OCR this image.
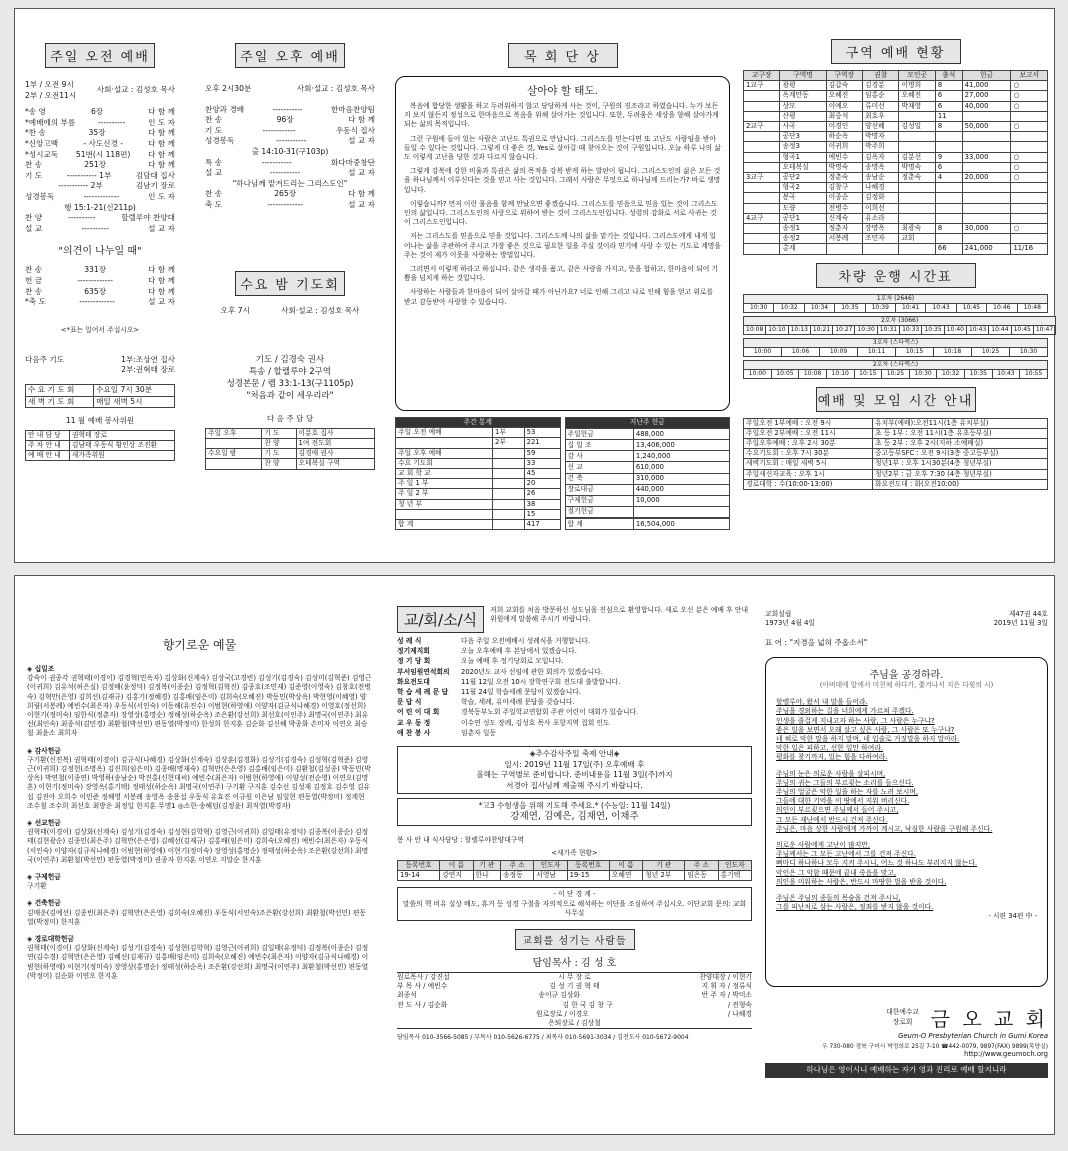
주일 오전 예배
1부 / 오전 9시
2부 / 오전11시
사회·설교 : 김성호 목사
*송 영	6장	다 함 께
*예배에의 부름	----------	인 도 자
*찬 송	35장	다 함 께
*신앙고백	- 사도신경 -	다 함 께
*성시교독 51번(시 118편) 다 함 께
찬 송	251장	다 함 께
기 도	----------- 1부	김담대 집사
----------- 2부	김남기 장로
성경봉독	-------------	인 도 자
행 15:1-21(신211p)
찬 양	----------	할렐루야 찬양대
설 교	----------	설 교 자
"의견이 나누일 때"
찬 송	331장	다 함 께
헌 금	-------------	다 함 께
찬 송	635장	다 함 께
*축 도	-------------	설 교 자
<*표는 일어서 주십시오>
다음주 기도	1부:조상연 집사
2부:권혁태 장로
수 요 기 도 회	수요일 7시 30분
새 벽 기 도 회	매일 새벽 5시
11 월 예배 봉사위원
안 내 담 당	권혁태 장로
주 차 안 내	김남태 우동식 황인상 조진환
예 배 안 내	새가족위원
주일 오후 예배
오후 2시30분	사회·설교 : 김성호 목사
찬양과 경배	-----------	한마음찬양팀
찬 송	96장	다 함 께
기 도	------------	우동식 집사
성경봉독	-----------	설 교 자
출 14:10-31(구103p)
특 송	-----------	화다마중창단
설 교	-----------	설 교 자
"하나님께 맡겨드리는 그리스도인"
찬 송	265장	다 함 께
축 도	-------------	설 교 자
수요 밤 기도회
오후 7시	사회·설교 : 김성호 목사
기도 / 김경숙 권사
특송 / 할렐루야 2구역
성경본문 / 렘 33:1-13(구1105p)
"처음과 같이 세우리라"
다 음 주 담 당
주일 오후	기 도	이분호 집사
	찬 양	1여 전도회
수요일 밤	기 도	김경애 권사
	찬 양	오테복실 구역
목 회 단 상
살아야 할 태도.

복음에 합당한 생활을 하고 두려워하지 않고 당당하게 사는 것이, 구원의 징조라고 하였습니다. 누가 보든지 보지 않든지 정성으로 한마음으로 복음을 위해 살아가는 것입니다. 또한, 두려움은 세상을 향해 살아가게 되는 삶의 목적입니다.

그런 구원에 들어 있는 사람은 고난도 특권으로 만납니다. 그리스도를 믿는다면 또 고난도 사람임을 받아들일 수 있다는 것입니다. 그렇게 더 좋은 것, Yes로 살아갈 때 찾아오는 것이 구원입니다. 오늘 하루 나의 삶도 이렇게 고난을 당한 것과 다르지 않습니다.

그렇게 강복에 강한 비율과 특권은 삶의 목적을 강복 받게 하는 발판이 됩니다. 그리스도인의 삶은 모든 것을 하나님께서 이루신다는 것을 믿고 사는 것입니다. 그래서 사람은 무엇으로 하나님께 드리는가? 바로 생명입니다.

이렇습니까? 먼저 이런 물음을 함께 만났으면 좋겠습니다. 그리스도를 믿음으로 믿음 있는 것이 그리스도인의 삶입니다. 그리스도인의 사랑으로 위하여 받는 것이 그리스도인입니다. 성령의 감화로 서로 사귀는 것이 그리스도인입니다.

저는 그리스도를 믿음으로 믿을 것입니다. 그리스도께 나의 삶을 맡기는 것입니다. 그리스도에게 내게 일어나는 삶을 주관하여 주시고 가장 좋은 것으로 필요한 일을 주실 것이라 믿기에 사랑 수 있는 기도로 계명을 주는 것이 제가 이웃을 사랑하는 방법입니다.

그러면서 이렇게 하라고 하십니다. 같은 생각을 품고, 같은 사랑을 가지고, 뜻을 합하고, 한마음이 되어 기쁨을 넘치게 하는 것입니다.

사랑하는 사람들과 한마음이 되어 살아갈 때가 아닌가요? 너로 인해 그리고 나로 인해 힘을 얻고 위로를 받고 감동받아 사랑할 수 있습니다.

주간 통계		
주일 오전 예배	1부	53
	2부	221
주일 오후 예배		59
수요 기도회		33
교 회 학 교		45
주 일 1 부		20
주 일 2 부		26
청 년 부		38
		15
합 계		417
지난주 헌금	
주일헌금	488,000
십 일 조	13,406,000
감 사	1,240,000
선 교	610,000
건 축	310,000
장로대금	440,000
구제헌금	10,000
절기헌금	

합 계	16,504,000
구역 예배 현황
교구장	구역명	구역장	권찰	모인곳	출석	헌금	보고서
1교구	광평	김갑숙	김경분	이명희	8	41,000	○
	옥계만동	오혜진	임홍순	오혜진	6	27,000	○
	상모	이예오	류미선	박재영	6	40,000	○
	산평	최중석	최호우		11		
2교구	사곡	이경인	양선혜	김성일	8	50,000	○
	공단3	하순옥	박명자				
	송정3	이귀희	박주희				
	형곡1	예빈수	김옥자	김분선	9	33,000	○
	오테복실	박명숙	송명옥	박명숙	6		○
3교구	공단2	정춘숙	송남순	정춘숙	4	20,000	○
	형곡2	김창구	나혜경				
	봉곡	이종순	김정화				
	도량	전병수	이희선				
4교구	공단1	신계숙	유소라				
	송정1	정춘자	장명옥	최광숙	8	30,000	○
	송정2	서봉례	조민자	교회			
	총계				66	241,000	11/16
차량 운행 시간표
1호차 (2646)
10:30	10:32	10:34	10:35	10:39	10:41	10:43	10:45	10:46	10:48
2호차 (3066)
10:08	10:10	10:13	10:21	10:27	10:30	10:31	10:33	10:35	10:40	10:43	10:44	10:45	10:47
3호차 (스타렉스)
10:00	10:06	10:09	10:11	10:15	10:18	10:25	10:30
2호차 (스타렉스)
10:00	10:05	10:08	10:10	10:15	10:25	10:30	10:32	10:35	10:43	10:55
예배 및 모임 시간 안내
주일오전 1부예배 : 오전 9시	유치부(예배):오전11시(1층 유치부실)
주일오전 2부예배 : 오전 11시	초 등 1부 : 오전 11시(1층 유초등부실)
주일오후예배 : 오후 2시 30분	초 등 2부 : 오후 2시(지하 소예배실)
수요기도회 : 오후 7시 30분	중고등부SFC : 오전 9시(3층 중고등부실)
새벽기도회 : 매일 새벽 5시	청년1부 : 오후 1시30분(4층 청년부실)
주일새신자교육 : 오후 1시	청년2부 : 금 오후 7:30 (4층 청년부실)
경로대학 : 수(10:00-13:00)	화요전도대 : 화(오전10:00)
향기로운 예물
◈ 십일조
강숙이 권종각 권혁태(이경이) 김경혁(민옥자) 김상화(신계숙) 김상국(고경빈) 김성기(김경숙) 김성미(김혁준) 김영근(이귀희) 김유석(허은실) 김정배(윤정덕) 김정복(이종순) 김정혁(김혁진) 김종호(조민재) 김준영(이영숙) 김창호(전병숙) 김혁만(은영) 김희선(김재규) 김홍기(정혜경) 김홍배(임은미) 김희숙(오혜진) 박동민(박상옥) 박현영(이혜영) 양희림(서봉례) 예빈수(최은자) 우동식(서인숙) 이동해(유진수) 이범현(하영애) 이양자(김규식나혜경) 이영호(정선희) 이현기(정미숙) 임한식(정춘자) 장영상(홍명순) 정해성(하순옥) 조은환(강선희) 최선호(이인주) 최명국(이연주) 최유선(최인숙) 최종석(김민경) 최환철(박선민) 편동열(박정미) 한성희 한지훈 김순화 김신혜 박종화 손미자 이연오 최승철 최윤소 최희자
◈ 감사헌금
구기환(신진복) 권혁태(이경이) 김규식(나혜경) 김상화(신계숙) 김상훈(김경화) 김성기(김경숙) 김성혁(김혁준) 김영근(이귀희) 김정헌(조명옥) 김진희(임은미) 김종배(명재숙) 김혁만(은은영) 김홍배(임은미) 김환철(김성종) 박동민(박상옥) 박연철(이종연) 박영하(송남순) 박진홍(신현대씨) 예빈수(최은자) 이범현(하영애) 이양성(전순영) 이연오(김명혼) 이현기(정미숙) 장영옥(홍기택) 정태성(하순옥) 최명국(이연주) 구기환 구지훈 김수선 김성재 김정호 김수영 김유섭 김진아 오희수 이민준 정해영 서봉례 송영옥 송용섭 우동식 유효진 이규원 이은남 임일현 편동열(박정미) 정계현 조수철 조수희 최선호 최방운 최정일 한지훈 무명1 ◎소한·송혜덤(김정윤) 최직열(박경자)
◈ 선교헌금
권혁태(이경이) 김상화(신계숙) 김성기(김경숙) 김성현(김학혁) 김영근(이귀희) 김일태(유정덕) 김종복(이종순) 김정태(김현광순) 김종민(최은주) 김혁만(은은영) 김혜선(김재규) 김홍배(임은미) 김희숙(오혜진) 예빈수(최은자) 우동식(서인숙) 이양자(김규식나혜경) 이범현(하영애) 이현기(정미숙) 장영성(홍명순) 정태성(하순옥) 조은환(강선희) 최명국(이연주) 최환철(박선민) 편동열(박정미) 권종자 한지훈 이연오 지말순 한지훈
◈ 구제헌금
구기환
◈ 건축헌금
김매운(김예선) 김종빈(최은주) 김혁만(은은영) 김희숙(오혜진) 우동식(서인숙)조은환(강선희) 최환철(박선민) 편동열(박정미) 한지훈
◈ 경로대학헌금
권혁태(이경이) 김상화(신계숙) 김성기(김경숙) 김성현(김학혁) 김영근(이귀희) 김일태(유정덕) 김정복(이종순) 김정연(김수경) 김혁만(은은영) 김혜선(김재규) 김홍배(임은미) 김희숙(오혜진) 예빈수(최은자) 이양자(김규식나혜경) 이범현(하영애) 이현기(정미숙) 장영상(홍명순) 정태성(하순옥) 조은환(강선희) 최명국(이연주) 최환철(박선민) 편동열(박정미) 김순화 이연오 한지훈
교/회/소/식
저희 교회를 처음 방문하신 성도님을 진심으로 환영합니다. 새로 오신 분은 예배 후 안내위원에게 말씀해 주시기 바랍니다.
성 례 식	다음 주일 오전예배시 성례식을 거행합니다.
정기제직회	오늘 오후예배 후 본당에서 있겠습니다.
정 기 당 회	오늘 예배 후 정기당회로 모입니다.
부서임원연석회의	2020년도 교사 선임에 관한 회의가 있겠습니다.
화요전도대	11월 12일 오전 10시 장학연구회 전도대 출발합니다.
학 습 세 례 문 답	11월 24일 학습세례 문답이 있겠습니다.
문 답 식	학습, 세례, 유아세례 문답을 갖습니다.
어 린 이 대 회	경북동부노회 주일학교연합회 주관 어린이 대회가 있습니다.
교 우 동 정	이수연 성도 장례, 김성호 목사 포항지역 집회 인도
애 찬 봉 사	임춘자 일동
◈추수감사주일 축제 안내◈
일시: 2019년 11월 17일(주) 오후예배 후
올해는 구역별로 준비합니다. 준비내용을 11월 3일(주)까지
서경아 집사님께 제출해 주시기 바랍니다.
*고3 수험생을 위해 기도해 주세요.* (수능일: 11월 14일)
강제연, 김예은, 김채연, 이채주
봉 사 안 내 식사담당 : 할렐루야찬양대구역
<새가족 현황>
등록번호	이 름	기 관	주 소	인도자	등록번호	이 름	기 관	주 소	인도자
19-14	강연지	한나	송정동	서영남	19-15	오혜연	청년 2부	임은동	홍기택
- 이 단 경 계 -
말씀의 핵 비유 실상 배도, 휴거 등 성경 구절을 자의적으로 해석하는 이단을 조심하여 주십시오. 이단교회 문의: 교회 사무실
교회를 섬기는 사람들
담임목사 : 김 성 호
원로목사 / 강진섭	시 무 장 로	찬양대장 / 이현기
부 목 사 / 예빈수	김 성 기 권 혁 태	지 휘 자 / 정류식
최종석	송이규 김상화	반 주 자 / 박미소
전 도 사 / 김순화	김 한 국 김 창 구	/ 전형숙
원로장로 / 이경오	/ 나혜경
은퇴장로 / 김상철
담임목사 010-3566-5085 / 부목사 010-5626-6775 / 최목사 010-5691-3034 / 김전도사 010-5672-9004
교회설립
1973년 4월 4일
제47권 44호
2019년 11월 3일
표 어 : "지경을 넓혀 주옵소서"
주님을 공경하라.
(아버데에 앞에서 미친체 하다가, 쫓겨나서 지은 다윗의 시)
할렐루야, 왔서 내 말을 들어라.
주님을 경외하는 길을 너희에게 가르쳐 주겠다.
인생을 즐겁게 지내고자 하는 사람, 그 사람은 누구냐?
좋은 일을 보면서 오래 살고 싶은 사람, 그 사람은 또 누구냐?
네 혀로 악한 말을 하지 말며, 네 입술로 거짓말을 하지 말아라.
악한 일은 피하고, 선한 일만 하여라.
평화를 찾기까지, 있는 힘을 다하여라.
주님의 눈은 의로운 사람을 살피시며,
주님의 귀는 그들의 부르짖는 소리를 들으신다.
주님의 얼굴은 악한 일을 하는 자를 노려 보시며,
그들에 대한 기억을 이 땅에서 지워 버리신다.
의인이 부르짖으면 주님께서 들어 주시고,
그 모든 재난에서 반드시 건져 주신다.
주님은, 마음 상한 사람에게 가까이 계시고, 낙심한 사람을 구원해 주신다.
의로운 사람에게 고난이 많지만,
주님께서는 그 모든 고난에서 그를 건져 주신다.
뼈마디 하나하나 모두 지켜 주시니, 어느 것 하나도 부러지지 않는다.
악인은 그 악함 때문에 끝내 죽음을 맞고,
의인을 미워하는 사람은, 반드시 마땅한 벌을 받을 것이다.
주님은 주님의 종들의 목숨을 건져 주시니,
그를 피난처로 삼는 사람은, 정죄를 받지 않을 것이다.
- 시편 34편 中 -
대한예수교 장로회 금 오 교 회
Geum-O Presbyterian Church in Gumi Korea
우 730-080 경북 구미시 박정희로 25길 7-10 ☎442-0079, 9897(FAX) 9899(목양실)
http://www.geumoch.org
하나님은 영이시니 예배하는 자가 영과 진리로 예배 할지니라
